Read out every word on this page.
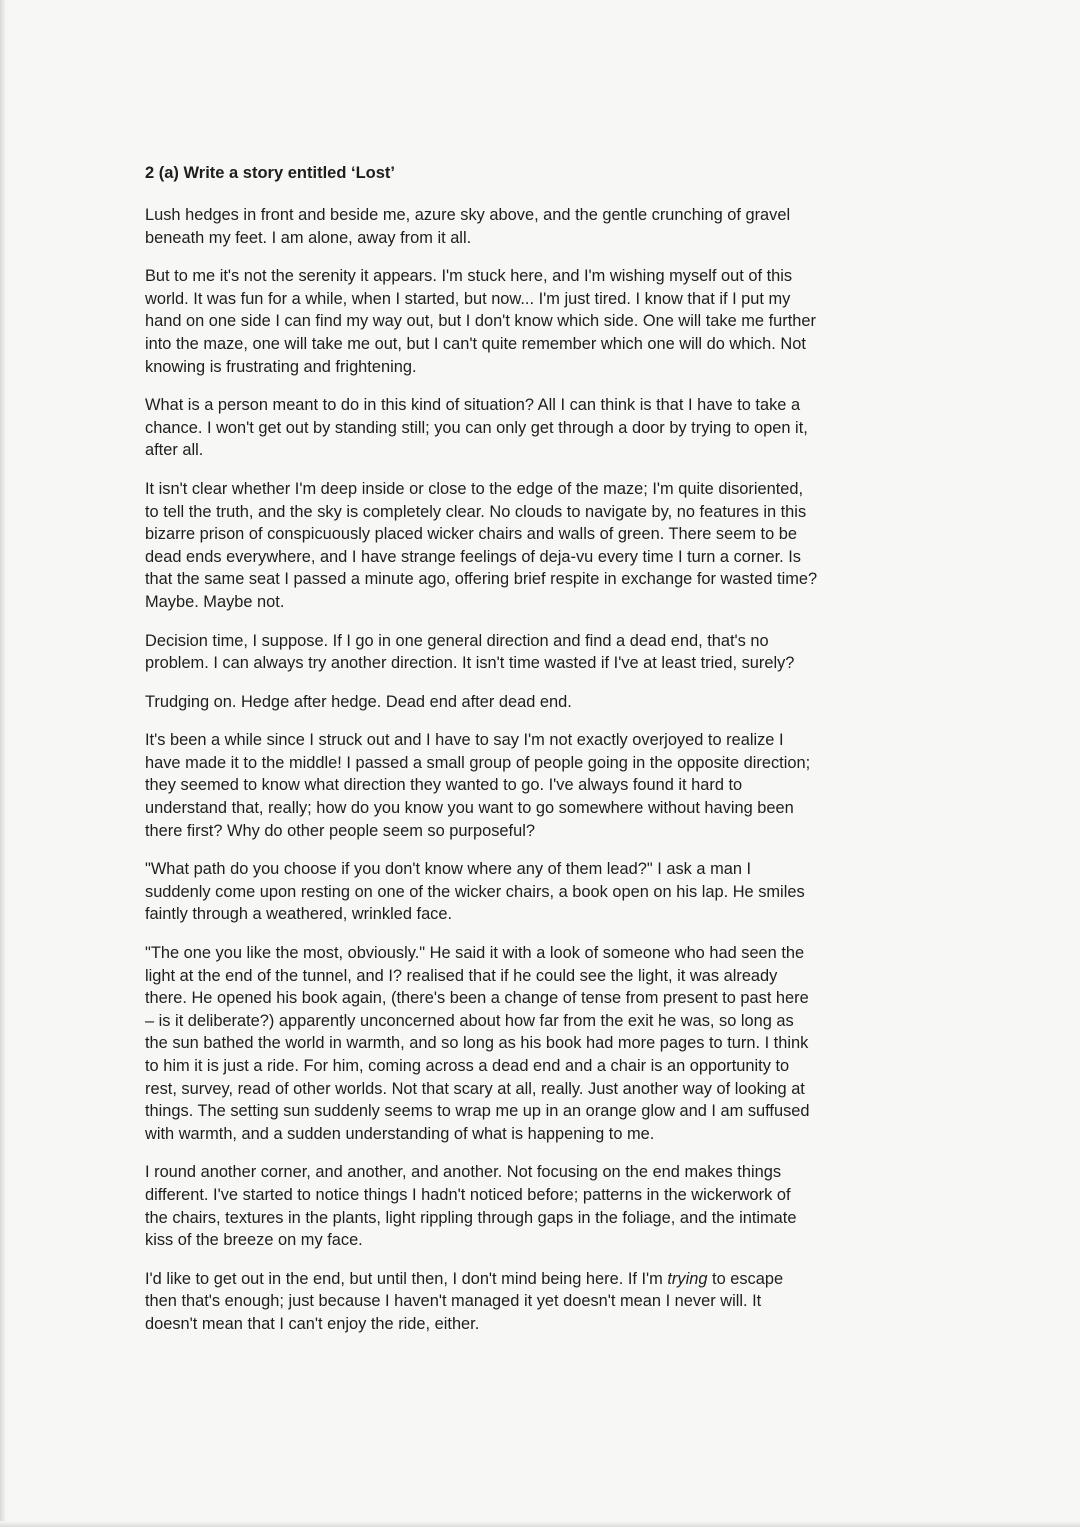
2 (a) Write a story entitled ‘Lost’

Lush hedges in front and beside me, azure sky above, and the gentle crunching of gravel
beneath my feet. I am alone, away from it all.

But to me it's not the serenity it appears. I'm stuck here, and I'm wishing myself out of this
world. It was fun for a while, when I started, but now... I'm just tired. I know that if I put my
hand on one side I can find my way out, but I don't know which side. One will take me further
into the maze, one will take me out, but I can't quite remember which one will do which. Not
knowing is frustrating and frightening.

What is a person meant to do in this kind of situation? All I can think is that I have to take a
chance. I won't get out by standing still; you can only get through a door by trying to open it,
after all.

It isn't clear whether I'm deep inside or close to the edge of the maze; I'm quite disoriented,
to tell the truth, and the sky is completely clear. No clouds to navigate by, no features in this
bizarre prison of conspicuously placed wicker chairs and walls of green. There seem to be
dead ends everywhere, and I have strange feelings of deja-vu every time I turn a corner. Is
that the same seat I passed a minute ago, offering brief respite in exchange for wasted time?
Maybe. Maybe not.

Decision time, I suppose. If I go in one general direction and find a dead end, that's no
problem. I can always try another direction. It isn't time wasted if I've at least tried, surely?

Trudging on. Hedge after hedge. Dead end after dead end.

It's been a while since I struck out and I have to say I'm not exactly overjoyed to realize I
have made it to the middle! I passed a small group of people going in the opposite direction;
they seemed to know what direction they wanted to go. I've always found it hard to
understand that, really; how do you know you want to go somewhere without having been
there first? Why do other people seem so purposeful?

"What path do you choose if you don't know where any of them lead?" I ask a man I
suddenly come upon resting on one of the wicker chairs, a book open on his lap. He smiles
faintly through a weathered, wrinkled face.

"The one you like the most, obviously." He said it with a look of someone who had seen the
light at the end of the tunnel, and I? realised that if he could see the light, it was already
there. He opened his book again, (there's been a change of tense from present to past here
– is it deliberate?) apparently unconcerned about how far from the exit he was, so long as
the sun bathed the world in warmth, and so long as his book had more pages to turn. I think
to him it is just a ride. For him, coming across a dead end and a chair is an opportunity to
rest, survey, read of other worlds. Not that scary at all, really. Just another way of looking at
things. The setting sun suddenly seems to wrap me up in an orange glow and I am suffused
with warmth, and a sudden understanding of what is happening to me.

I round another corner, and another, and another. Not focusing on the end makes things
different. I've started to notice things I hadn't noticed before; patterns in the wickerwork of
the chairs, textures in the plants, light rippling through gaps in the foliage, and the intimate
kiss of the breeze on my face.

I'd like to get out in the end, but until then, I don't mind being here. If I'm trying to escape
then that's enough; just because I haven't managed it yet doesn't mean I never will. It
doesn't mean that I can't enjoy the ride, either.
